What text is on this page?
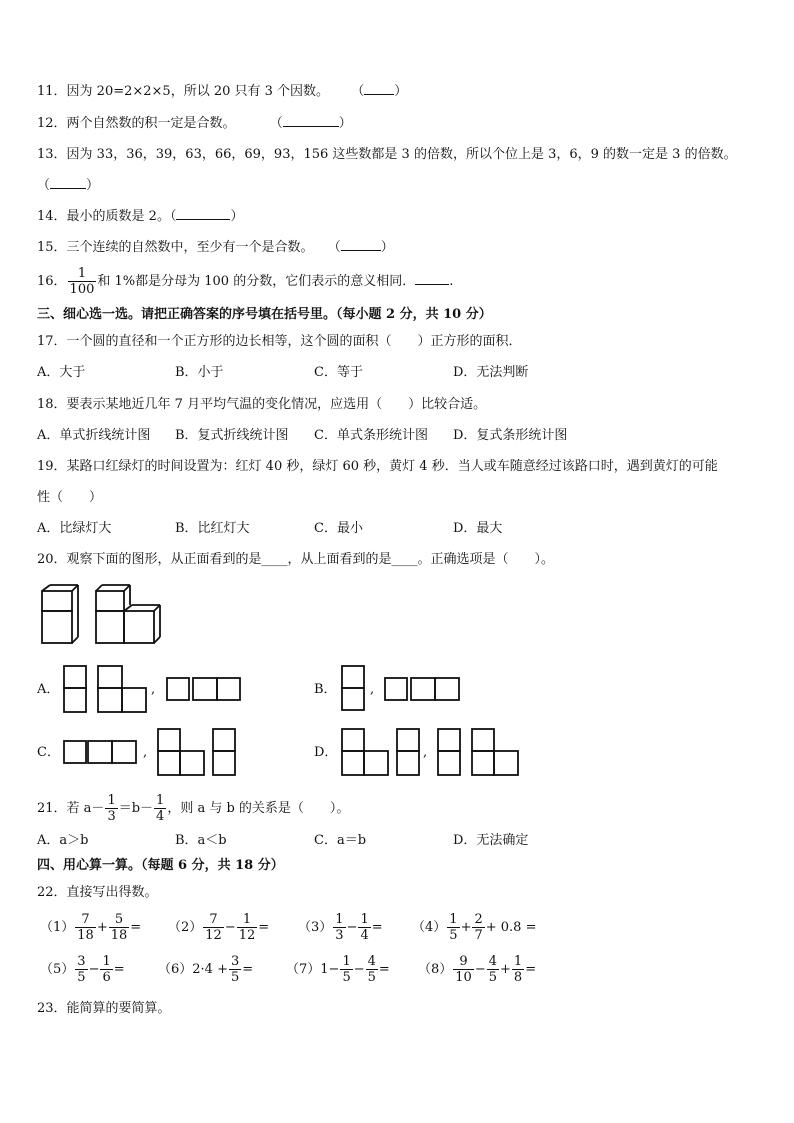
11．因为 20=2×2×5，所以 20 只有 3 个因数。 （ ）
12．两个自然数的积一定是合数。	（	）
13．因为 33，36，39，63，66，69，93，156 这些数都是 3 的倍数，所以个位上是 3，6，9 的数一定是 3 的倍数。
（	）
14．最小的质数是 2。（	）
15．三个连续的自然数中，至少有一个是合数。 （	）
16． $\frac{1}{100}$ 和 1%都是分母为 100 的分数，它们表示的意义相同．	.
三、细心选一选。请把正确答案的序号填在括号里。（每小题 2 分，共 10 分）
17．一个圆的直径和一个正方形的边长相等，这个圆的面积（　　）正方形的面积．
A．大于	B．小于	C．等于	D．无法判断
18．要表示某地近几年 7 月平均气温的变化情况，应选用（　　）比较合适。
A．单式折线统计图 B．复式折线统计图 C．单式条形统计图 D．复式条形统计图
19．某路口红绿灯的时间设置为：红灯 40 秒，绿灯 60 秒，黄灯 4 秒．当人或车随意经过该路口时，遇到黄灯的可能
性（　　）
A．比绿灯大	B．比红灯大	C．最小	D．最大
20．观察下面的图形，从正面看到的是____，从上面看到的是____。正确选项是（　　）。
A．	,	B．	,
C．	,	D．	,
21．若 $a- \frac{1}{3} =b- \frac{1}{4}$ ，则 a 与 b 的关系是（　　）。
A．a＞b	B．a＜b	C．a＝b	D．无法确定
四、用心算一算。（每题 6 分，共 18 分）
22．直接写出得数。
$(1) \frac{7}{18} + \frac{5}{18} = (2) \frac{7}{12} - \frac{1}{12} = (3) \frac{1}{3} - \frac{1}{4} = (4) \frac{1}{5} + \frac{2}{7} + 0.8$ =
$(5) \frac{3}{5} - \frac{1}{6}$ =	$(6)2\cdot 4 + \frac{3}{5}$ =	$(7)1- \frac{1}{5} - \frac{4}{5} = (8) \frac{9}{10} - \frac{4}{5} + \frac{1}{8}$ =
23．能简算的要简算。
